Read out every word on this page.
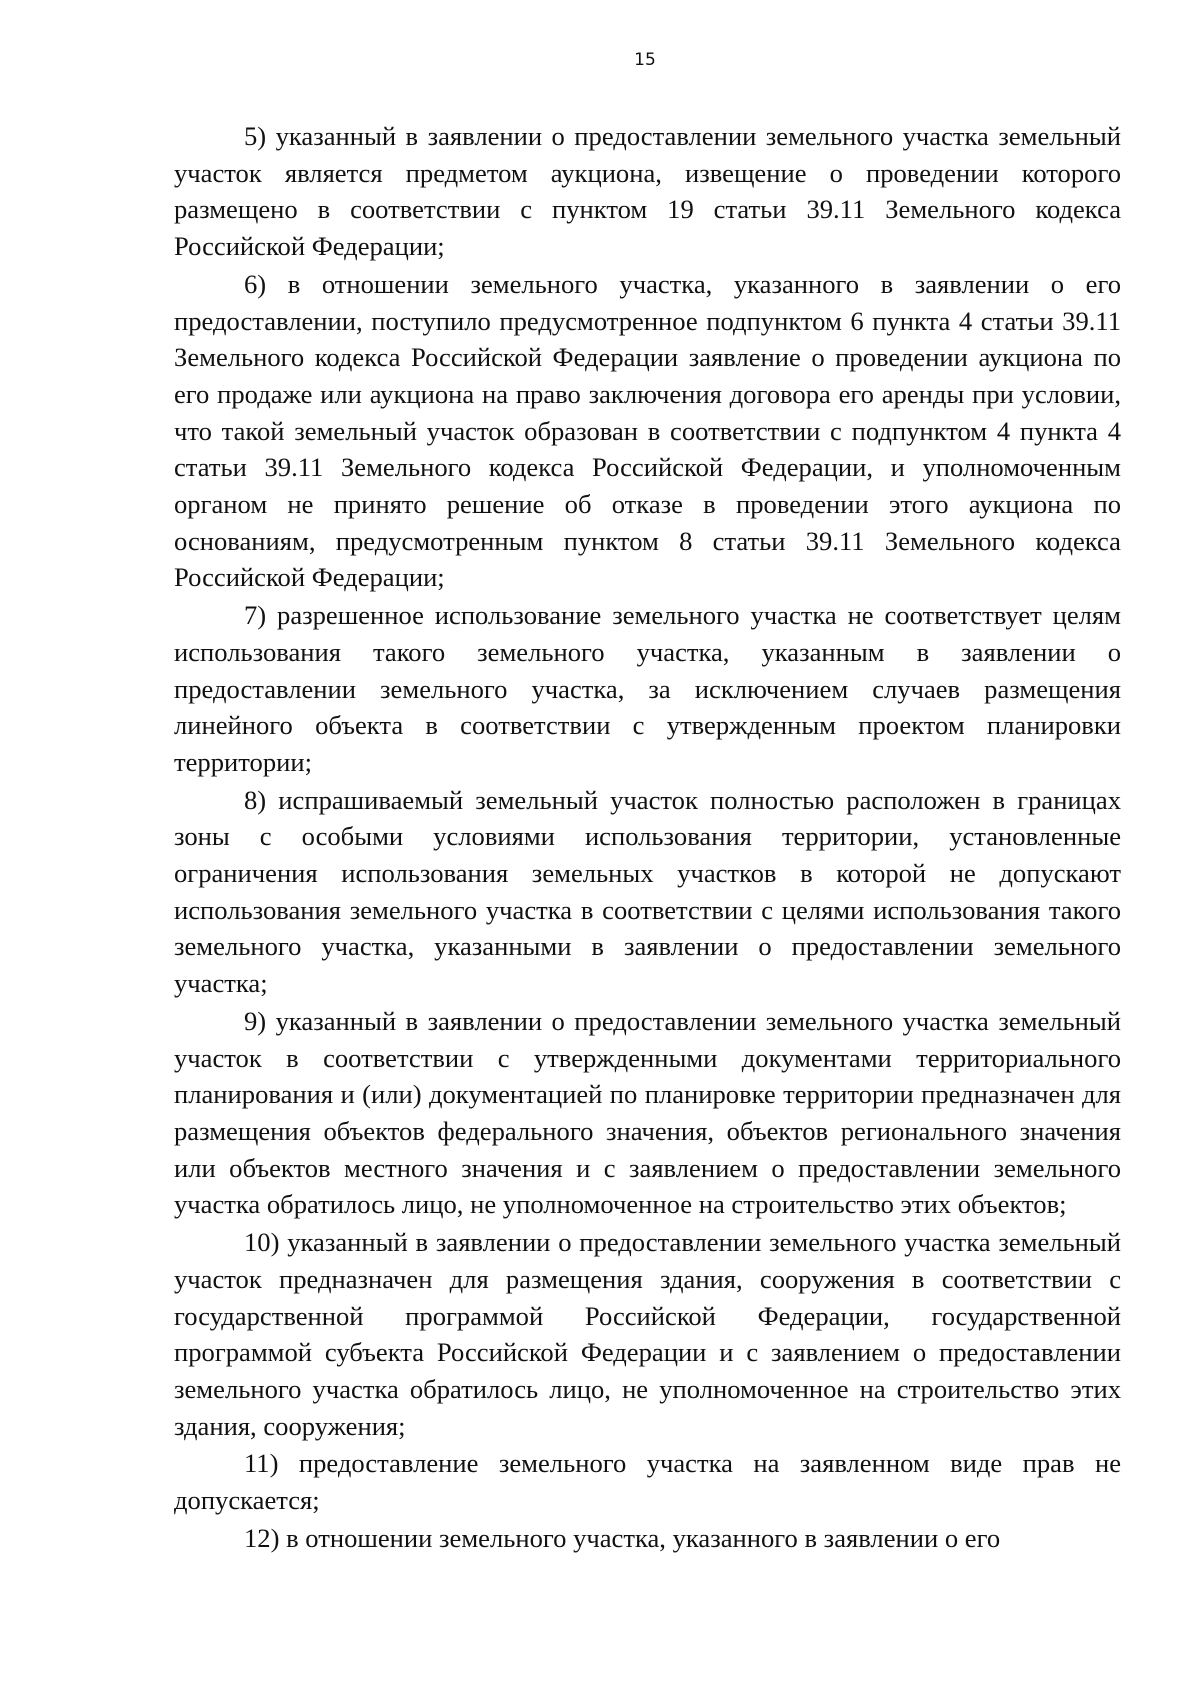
15

5) указанный в заявлении о предоставлении земельного участка земельный участок является предметом аукциона, извещение о проведении которого размещено в соответствии с пунктом 19 статьи 39.11 Земельного кодекса Российской Федерации;

6) в отношении земельного участка, указанного в заявлении о его предоставлении, поступило предусмотренное подпунктом 6 пункта 4 статьи 39.11 Земельного кодекса Российской Федерации заявление о проведении аукциона по его продаже или аукциона на право заключения договора его аренды при условии, что такой земельный участок образован в соответствии с подпунктом 4 пункта 4 статьи 39.11 Земельного кодекса Российской Федерации, и уполномоченным органом не принято решение об отказе в проведении этого аукциона по основаниям, предусмотренным пунктом 8 статьи 39.11 Земельного кодекса Российской Федерации;

7) разрешенное использование земельного участка не соответствует целям использования такого земельного участка, указанным в заявлении о предоставлении земельного участка, за исключением случаев размещения линейного объекта в соответствии с утвержденным проектом планировки территории;

8) испрашиваемый земельный участок полностью расположен в границах зоны с особыми условиями использования территории, установленные ограничения использования земельных участков в которой не допускают использования земельного участка в соответствии с целями использования такого земельного участка, указанными в заявлении о предоставлении земельного участка;

9) указанный в заявлении о предоставлении земельного участка земельный участок в соответствии с утвержденными документами территориального планирования и (или) документацией по планировке территории предназначен для размещения объектов федерального значения, объектов регионального значения или объектов местного значения и с заявлением о предоставлении земельного участка обратилось лицо, не уполномоченное на строительство этих объектов;

10) указанный в заявлении о предоставлении земельного участка земельный участок предназначен для размещения здания, сооружения в соответствии с государственной программой Российской Федерации, государственной программой субъекта Российской Федерации и с заявлением о предоставлении земельного участка обратилось лицо, не уполномоченное на строительство этих здания, сооружения;

11) предоставление земельного участка на заявленном виде прав не допускается;

12) в отношении земельного участка, указанного в заявлении о его
